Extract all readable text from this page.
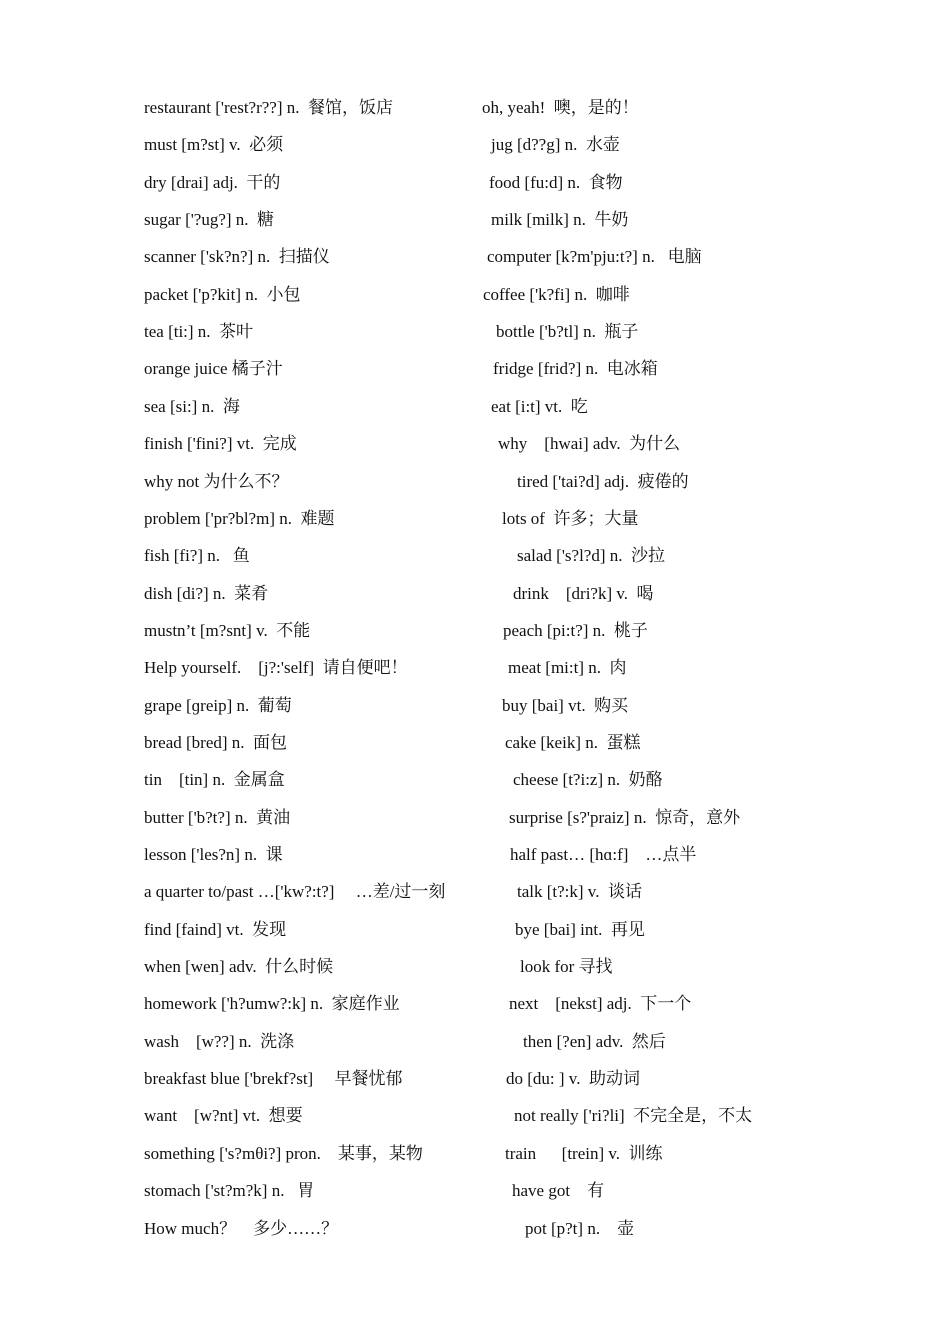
restaurant ['rest?r??] n.  餐馆，饭店	oh, yeah!  噢，是的！
must [m?st] v.  必须	jug [d??g] n.  水壶
dry [drai] adj.  干的	food [fu:d] n.  食物
sugar ['?ug?] n.  糖	milk [milk] n.  牛奶
scanner ['sk?n?] n.  扫描仪	computer [k?m'pju:t?] n.   电脑
packet ['p?kit] n.  小包	coffee ['k?fi] n.  咖啡
tea [ti:] n.  茶叶	bottle ['b?tl] n.  瓶子
orange juice 橘子汁	fridge [frid?] n.  电冰箱
sea [si:] n.  海	eat [i:t] vt.  吃
finish ['fini?] vt.  完成	why    [hwai] adv.  为什么
why not 为什么不？	tired ['tai?d] adj.  疲倦的
problem ['pr?bl?m] n.  难题	lots of  许多；大量
fish [fi?] n.   鱼	salad ['s?l?d] n.  沙拉
dish [di?] n.  菜肴	drink    [dri?k] v.  喝
mustn’t [m?snt] v.  不能	peach [pi:t?] n.  桃子
Help yourself.    [j?:'self]  请自便吧！	meat [mi:t] n.  肉
grape [ɡreip] n.  葡萄	buy [bai] vt.  购买
bread [bred] n.  面包	cake [keik] n.  蛋糕
tin    [tin] n.  金属盒	cheese [t?i:z] n.  奶酪
butter ['b?t?] n.  黄油	surprise [s?'praiz] n.  惊奇，意外
lesson ['les?n] n.  课	half past… [hɑ:f]    …点半
a quarter to/past …['kw?:t?]     …差/过一刻	talk [t?:k] v.  谈话
find [faind] vt.  发现	bye [bai] int.  再见
when [wen] adv.  什么时候	look for 寻找
homework ['h?umw?:k] n.  家庭作业	next    [nekst] adj.  下一个
wash    [w??] n.  洗涤	then [?en] adv.  然后
breakfast blue ['brekf?st]     早餐忧郁	do [du: ] v.  助动词
want    [w?nt] vt.  想要	not really ['ri?li]  不完全是，不太
something ['s?mθi?] pron.    某事，某物	train      [trein] v.  训练
stomach ['st?m?k] n.   胃	have got    有
How much？    多少……？	pot [p?t] n.    壶
